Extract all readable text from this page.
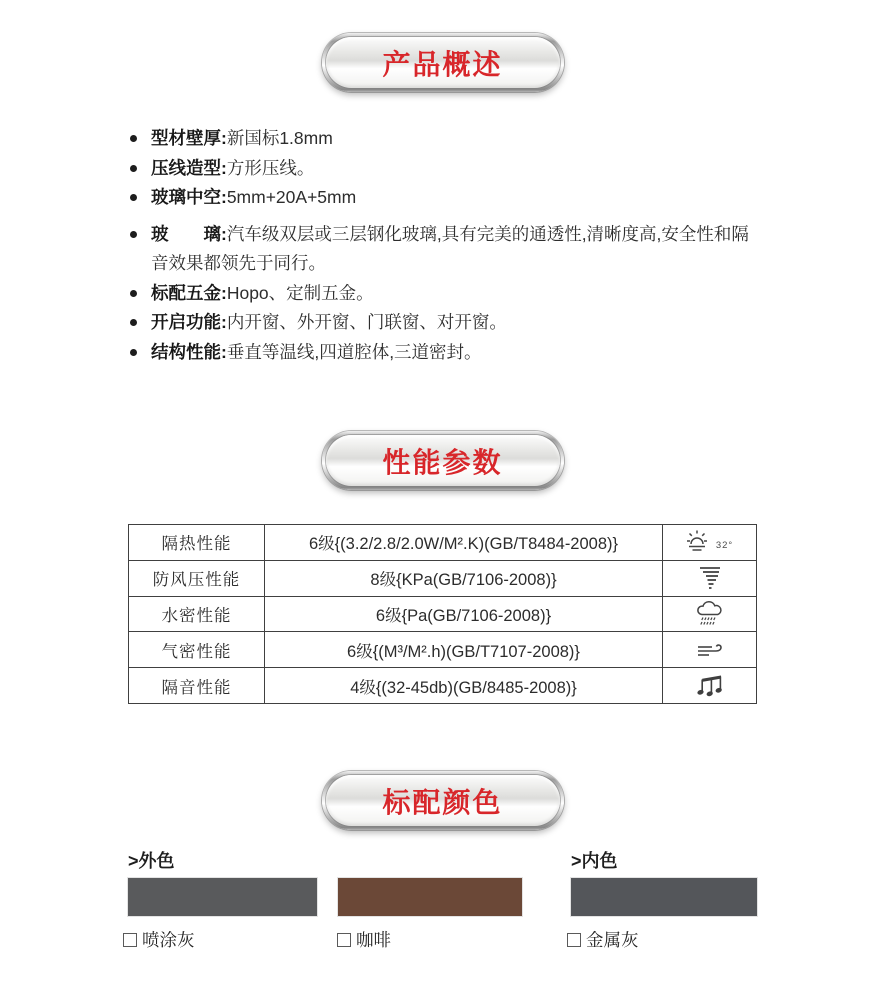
产品概述
型材壁厚:新国标1.8mm
压线造型:方形压线。
玻璃中空:5mm+20A+5mm
玻　　璃:汽车级双层或三层钢化玻璃,具有完美的通透性,清晰度高,安全性和隔音效果都领先于同行。
标配五金:Hopo、定制五金。
开启功能:内开窗、外开窗、门联窗、对开窗。
结构性能:垂直等温线,四道腔体,三道密封。
性能参数
隔热性能	6级{(3.2/2.8/2.0W/M².K)(GB/T8484-2008)}	32°
防风压性能	8级{KPa(GB/7106-2008)}
水密性能	6级{Pa(GB/7106-2008)}
气密性能	6级{(M³/M².h)(GB/T7107-2008)}
隔音性能	4级{(32-45db)(GB/8485-2008)}
标配颜色
>外色	>内色
喷涂灰	咖啡	金属灰
